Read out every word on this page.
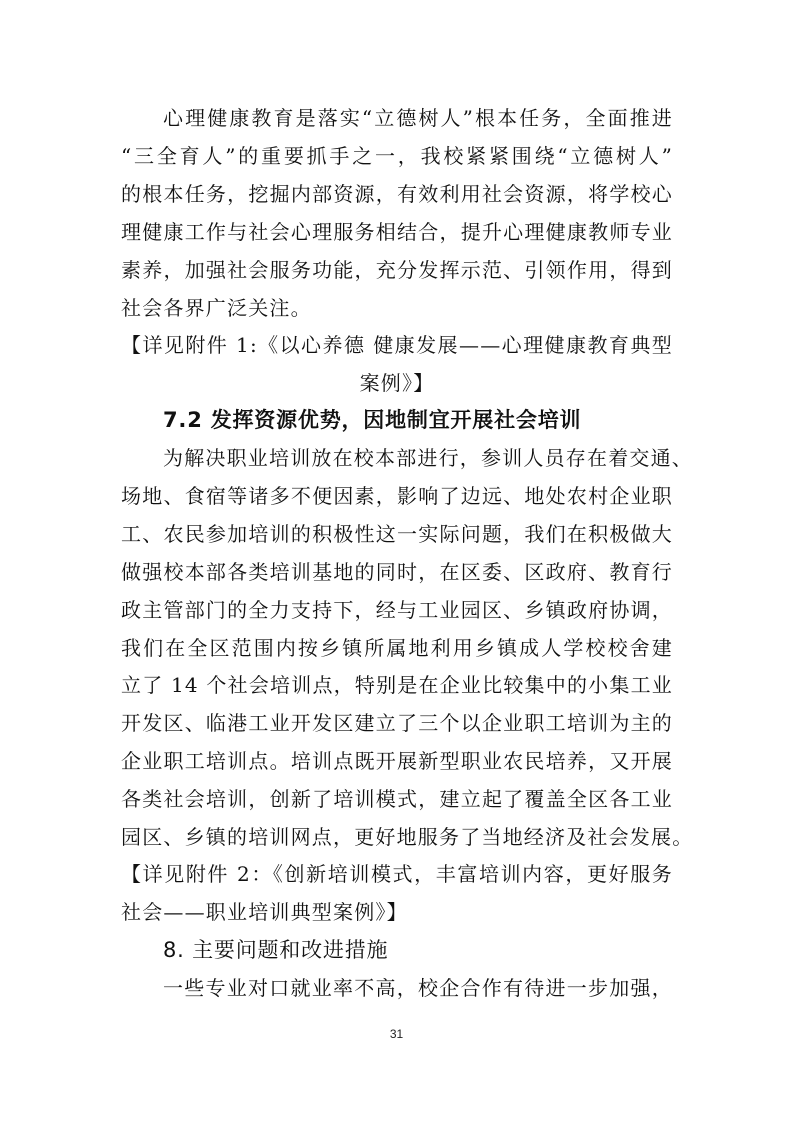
心理健康教育是落实“立德树人”根本任务，全面推进
“三全育人”的重要抓手之一，我校紧紧围绕“立德树人”
的根本任务，挖掘内部资源，有效利用社会资源，将学校心
理健康工作与社会心理服务相结合，提升心理健康教师专业
素养，加强社会服务功能，充分发挥示范、引领作用，得到
社会各界广泛关注。
【详见附件 1:《以心养德 健康发展——心理健康教育典型
案例》】
7.2 发挥资源优势，因地制宜开展社会培训
为解决职业培训放在校本部进行，参训人员存在着交通、
场地、食宿等诸多不便因素，影响了边远、地处农村企业职
工、农民参加培训的积极性这一实际问题，我们在积极做大
做强校本部各类培训基地的同时，在区委、区政府、教育行
政主管部门的全力支持下，经与工业园区、乡镇政府协调，
我们在全区范围内按乡镇所属地利用乡镇成人学校校舍建
立了 14 个社会培训点，特别是在企业比较集中的小集工业
开发区、临港工业开发区建立了三个以企业职工培训为主的
企业职工培训点。培训点既开展新型职业农民培养，又开展
各类社会培训，创新了培训模式，建立起了覆盖全区各工业
园区、乡镇的培训网点，更好地服务了当地经济及社会发展。
【详见附件 2：《创新培训模式，丰富培训内容，更好服务
社会——职业培训典型案例》】
8. 主要问题和改进措施
一些专业对口就业率不高，校企合作有待进一步加强，
31
